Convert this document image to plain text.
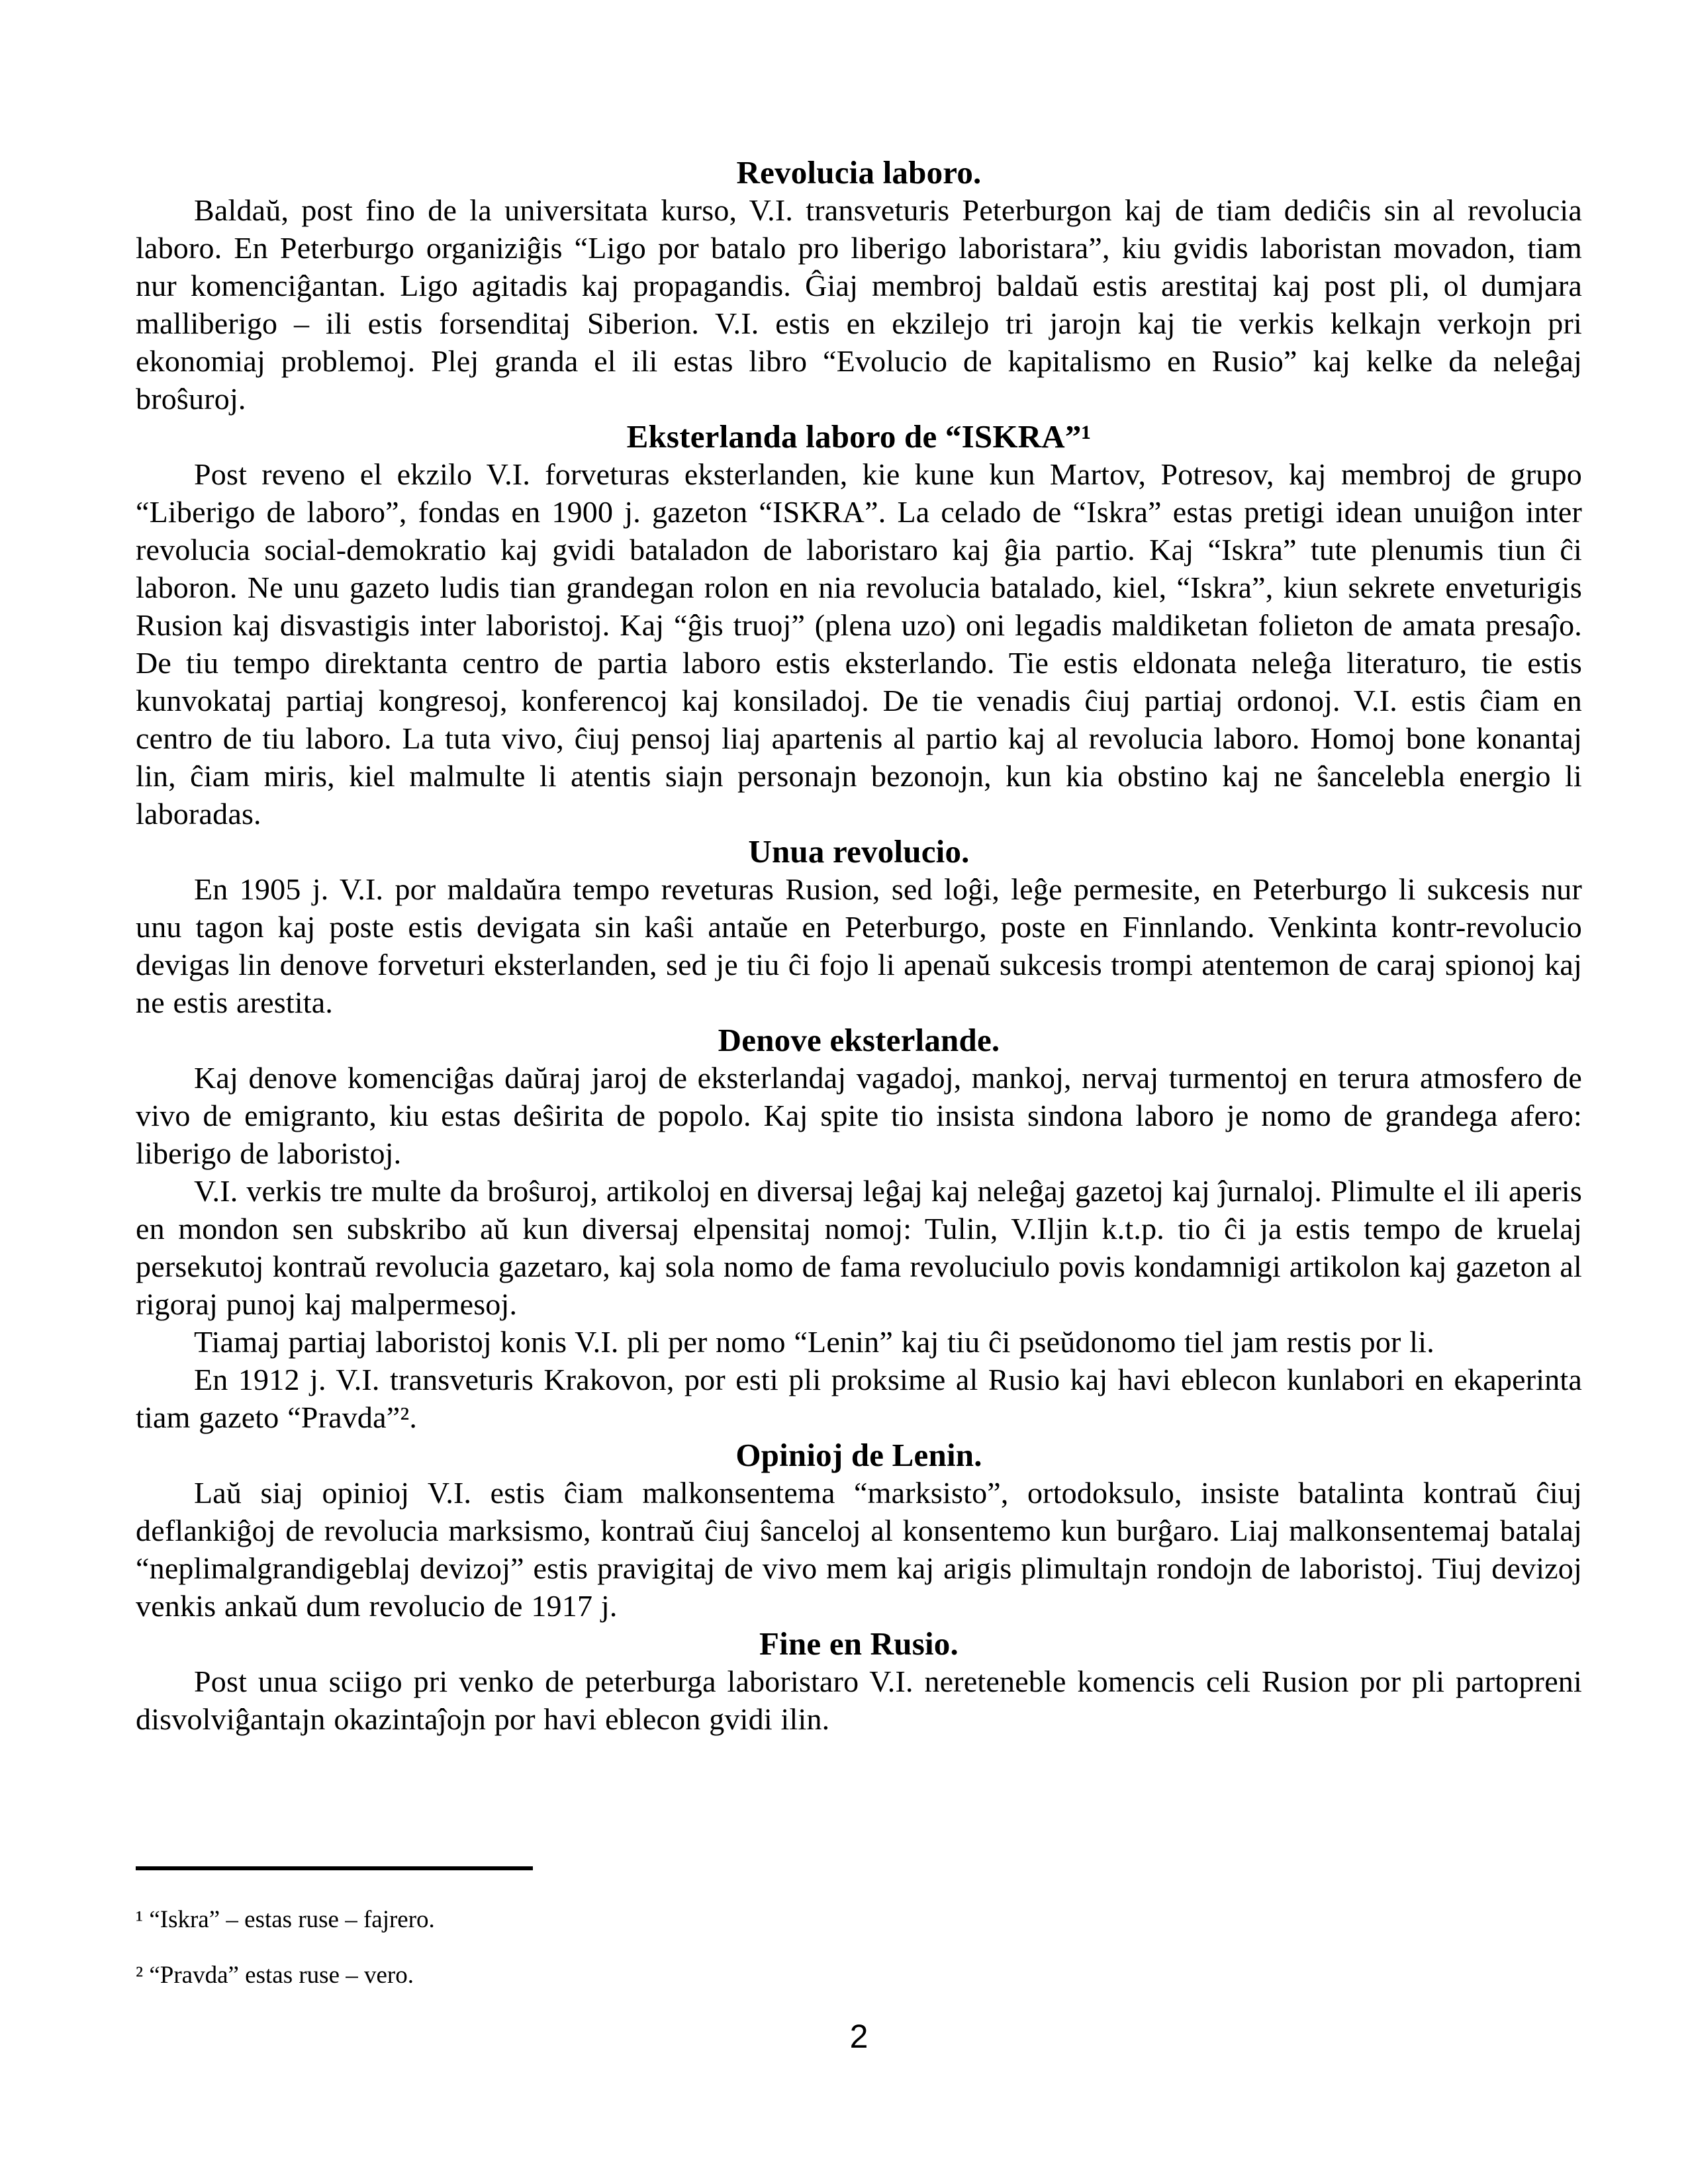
Revolucia laboro.

Baldaŭ, post fino de la universitata kurso, V.I. transveturis Peterburgon kaj de tiam dediĉis sin al revolucia laboro. En Peterburgo organiziĝis “Ligo por batalo pro liberigo laboristara”, kiu gvidis laboristan movadon, tiam nur komenciĝantan. Ligo agitadis kaj propagandis. Ĝiaj membroj baldaŭ estis arestitaj kaj post pli, ol dumjara malliberigo – ili estis forsenditaj Siberion. V.I. estis en ekzilejo tri jarojn kaj tie verkis kelkajn verkojn pri ekonomiaj problemoj. Plej granda el ili estas libro “Evolucio de kapitalismo en Rusio” kaj kelke da neleĝaj broŝuroj.

Eksterlanda laboro de “ISKRA”¹

Post reveno el ekzilo V.I. forveturas eksterlanden, kie kune kun Martov, Potresov, kaj membroj de grupo “Liberigo de laboro”, fondas en 1900 j. gazeton “ISKRA”. La celado de “Iskra” estas pretigi idean unuiĝon inter revolucia social-demokratio kaj gvidi bataladon de laboristaro kaj ĝia partio. Kaj “Iskra” tute plenumis tiun ĉi laboron. Ne unu gazeto ludis tian grandegan rolon en nia revolucia batalado, kiel, “Iskra”, kiun sekrete enveturigis Rusion kaj disvastigis inter laboristoj. Kaj “ĝis truoj” (plena uzo) oni legadis maldiketan folieton de amata presaĵo. De tiu tempo direktanta centro de partia laboro estis eksterlando. Tie estis eldonata neleĝa literaturo, tie estis kunvokataj partiaj kongresoj, konferencoj kaj konsiladoj. De tie venadis ĉiuj partiaj ordonoj. V.I. estis ĉiam en centro de tiu laboro. La tuta vivo, ĉiuj pensoj liaj apartenis al partio kaj al revolucia laboro. Homoj bone konantaj lin, ĉiam miris, kiel malmulte li atentis siajn personajn bezonojn, kun kia obstino kaj ne ŝancelebla energio li laboradas.

Unua revolucio.

En 1905 j. V.I. por maldaŭra tempo reveturas Rusion, sed loĝi, leĝe permesite, en Peterburgo li sukcesis nur unu tagon kaj poste estis devigata sin kaŝi antaŭe en Peterburgo, poste en Finnlando. Venkinta kontr-revolucio devigas lin denove forveturi eksterlanden, sed je tiu ĉi fojo li apenaŭ sukcesis trompi atentemon de caraj spionoj kaj ne estis arestita.

Denove eksterlande.

Kaj denove komenciĝas daŭraj jaroj de eksterlandaj vagadoj, mankoj, nervaj turmentoj en terura atmosfero de vivo de emigranto, kiu estas deŝirita de popolo. Kaj spite tio insista sindona laboro je nomo de grandega afero: liberigo de laboristoj.

V.I. verkis tre multe da broŝuroj, artikoloj en diversaj leĝaj kaj neleĝaj gazetoj kaj ĵurnaloj. Plimulte el ili aperis en mondon sen subskribo aŭ kun diversaj elpensitaj nomoj: Tulin, V.Iljin k.t.p. tio ĉi ja estis tempo de kruelaj persekutoj kontraŭ revolucia gazetaro, kaj sola nomo de fama revoluciulo povis kondamnigi artikolon kaj gazeton al rigoraj punoj kaj malpermesoj.

Tiamaj partiaj laboristoj konis V.I. pli per nomo “Lenin” kaj tiu ĉi pseŭdonomo tiel jam restis por li.

En 1912 j. V.I. transveturis Krakovon, por esti pli proksime al Rusio kaj havi eblecon kunlabori en ekaperinta tiam gazeto “Pravda”².

Opinioj de Lenin.

Laŭ siaj opinioj V.I. estis ĉiam malkonsentema “marksisto”, ortodoksulo, insiste batalinta kontraŭ ĉiuj deflankiĝoj de revolucia marksismo, kontraŭ ĉiuj ŝanceloj al konsentemo kun burĝaro. Liaj malkonsentemaj batalaj “neplimalgrandigeblaj devizoj” estis pravigitaj de vivo mem kaj arigis plimultajn rondojn de laboristoj. Tiuj devizoj venkis ankaŭ dum revolucio de 1917 j.

Fine en Rusio.

Post unua sciigo pri venko de peterburga laboristaro V.I. nereteneble komencis celi Rusion por pli partopreni disvolviĝantajn okazintaĵojn por havi eblecon gvidi ilin.

¹ “Iskra” – estas ruse – fajrero.

² “Pravda” estas ruse – vero.

2
